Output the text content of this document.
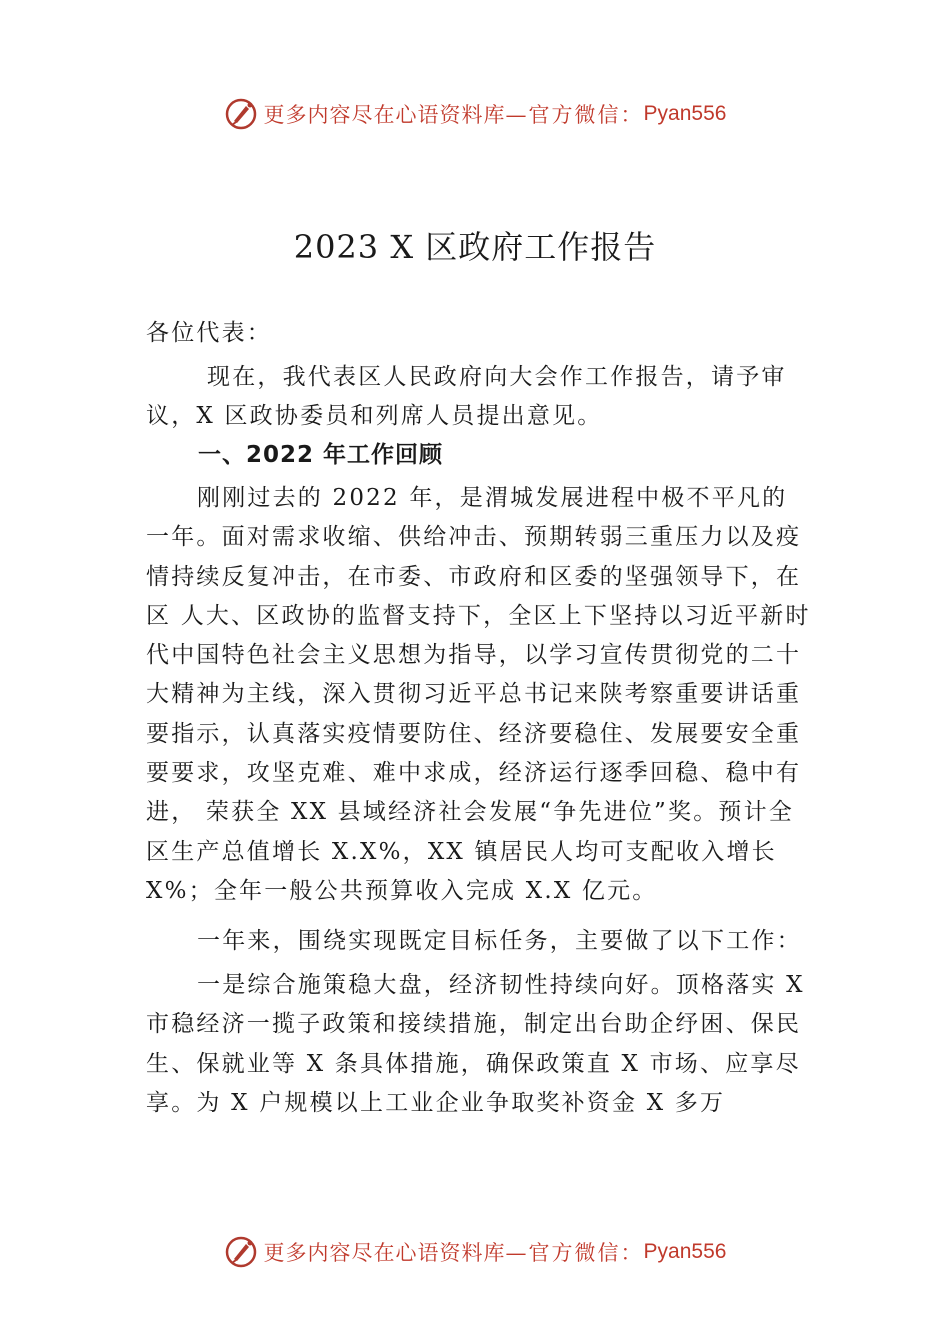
更多内容尽在心语资料库 —官方微信： Pyan556
2023 X 区政府工作报告

各位代表：

现在，我代表区人民政府向大会作工作报告，请予审议，X 区政协委员和列席人员提出意见。

一、2022 年工作回顾

刚刚过去的 2022 年，是渭城发展进程中极不平凡的一年。面对需求收缩、供给冲击、预期转弱三重压力以及疫情持续反复冲击，在市委、市政府和区委的坚强领导下，在区 人大、区政协的监督支持下，全区上下坚持以习近平新时代中国特色社会主义思想为指导，以学习宣传贯彻党的二十大精神为主线，深入贯彻习近平总书记来陕考察重要讲话重要指示，认真落实疫情要防住、经济要稳住、发展要安全重要要求，攻坚克难、难中求成，经济运行逐季回稳、稳中有进， 荣获全 XX 县域经济社会发展“争先进位”奖。预计全区生产总值增长 X.X%，XX 镇居民人均可支配收入增长 X%；全年一般公共预算收入完成 X.X 亿元。

一年来，围绕实现既定目标任务，主要做了以下工作：

一是综合施策稳大盘，经济韧性持续向好。顶格落实 X 市稳经济一揽子政策和接续措施，制定出台助企纾困、保民生、保就业等 X 条具体措施，确保政策直 X 市场、应享尽享。为 X 户规模以上工业企业争取奖补资金 X 多万

更多内容尽在心语资料库 —官方微信： Pyan556
